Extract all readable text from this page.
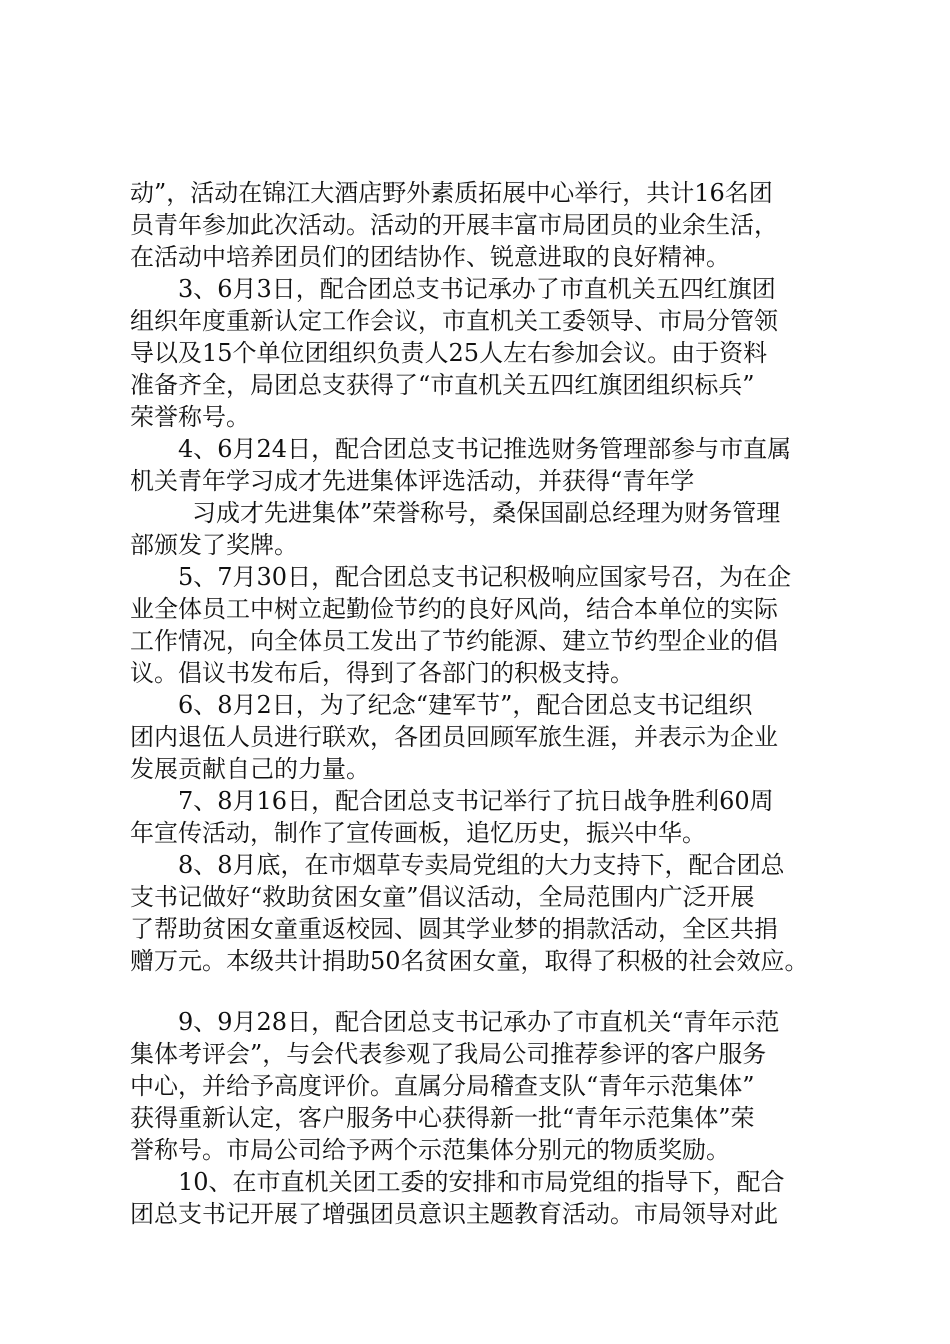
动”，活动在锦江大酒店野外素质拓展中心举行，共计16名团
员青年参加此次活动。活动的开展丰富市局团员的业余生活，
在活动中培养团员们的团结协作、锐意进取的良好精神。
3、6月3日，配合团总支书记承办了市直机关五四红旗团
组织年度重新认定工作会议，市直机关工委领导、市局分管领
导以及15个单位团组织负责人25人左右参加会议。由于资料
准备齐全，局团总支获得了“市直机关五四红旗团组织标兵”
荣誉称号。
4、6月24日，配合团总支书记推选财务管理部参与市直属
机关青年学习成才先进集体评选活动，并获得“青年学
习成才先进集体”荣誉称号，桑保国副总经理为财务管理
部颁发了奖牌。
5、7月30日，配合团总支书记积极响应国家号召，为在企
业全体员工中树立起勤俭节约的良好风尚，结合本单位的实际
工作情况，向全体员工发出了节约能源、建立节约型企业的倡
议。倡议书发布后，得到了各部门的积极支持。
6、8月2日，为了纪念“建军节”，配合团总支书记组织
团内退伍人员进行联欢，各团员回顾军旅生涯，并表示为企业
发展贡献自己的力量。
7、8月16日，配合团总支书记举行了抗日战争胜利60周
年宣传活动，制作了宣传画板，追忆历史，振兴中华。
8、8月底，在市烟草专卖局党组的大力支持下，配合团总
支书记做好“救助贫困女童”倡议活动，全局范围内广泛开展
了帮助贫困女童重返校园、圆其学业梦的捐款活动，全区共捐
赠万元。本级共计捐助50名贫困女童，取得了积极的社会效应。
9、9月28日，配合团总支书记承办了市直机关“青年示范
集体考评会”，与会代表参观了我局公司推荐参评的客户服务
中心，并给予高度评价。直属分局稽查支队“青年示范集体”
获得重新认定，客户服务中心获得新一批“青年示范集体”荣
誉称号。市局公司给予两个示范集体分别元的物质奖励。
10、在市直机关团工委的安排和市局党组的指导下，配合
团总支书记开展了增强团员意识主题教育活动。市局领导对此
